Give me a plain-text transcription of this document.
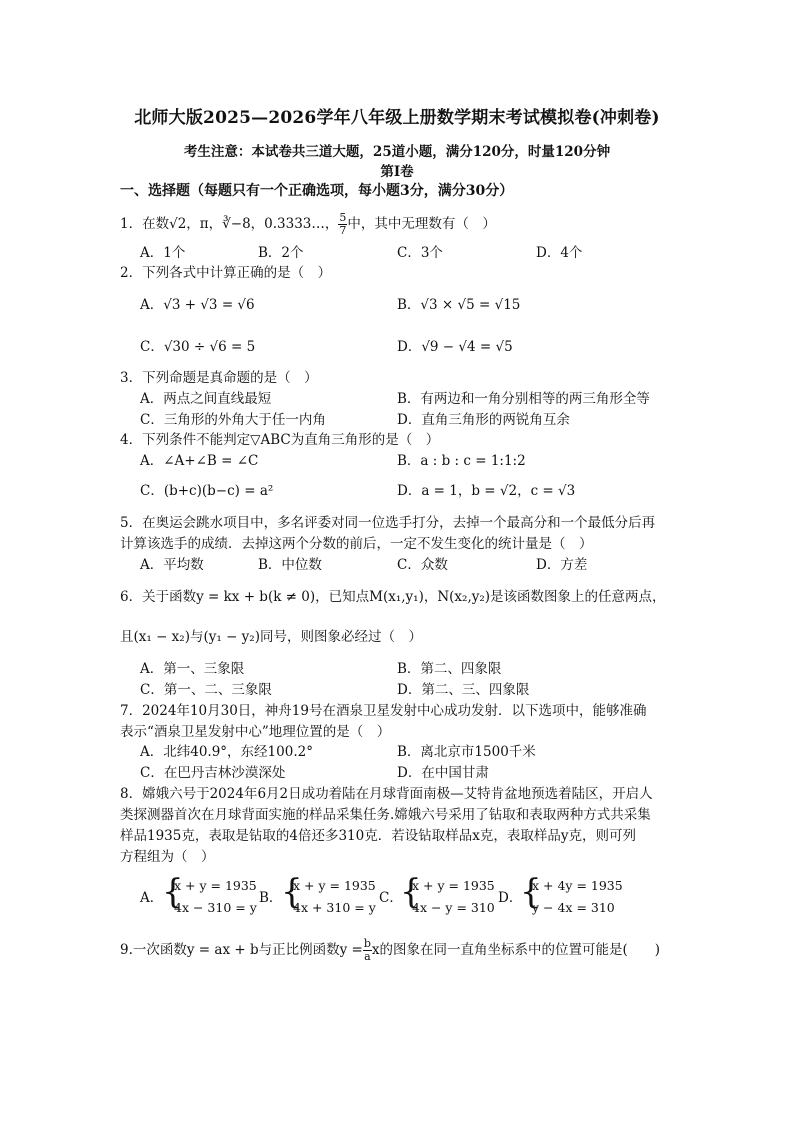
北师大版2025—2026学年八年级上册数学期末考试模拟卷(冲刺卷)
考生注意：本试卷共三道大题，25道小题，满分120分，时量120分钟
第Ⅰ卷
一、选择题（每题只有一个正确选项，每小题3分，满分30分）
1．在数√2，π，∛−8，0.3333…， $\frac{5}{7}$ 中，其中无理数有（　）
A．1个	B．2个	C．3个	D．4个
2．下列各式中计算正确的是（　）
A．√3 + √3 = √6	B．√3 × √5 = √15
C．√30 ÷ √6 = 5	D．√9 − √4 = √5
3．下列命题是真命题的是（　）
A．两点之间直线最短	B．有两边和一角分别相等的两三角形全等
C．三角形的外角大于任一内角	D．直角三角形的两锐角互余
4．下列条件不能判定▽ABC为直角三角形的是（　）
A．∠A+∠B = ∠C	B．a : b : c = 1:1:2
C．(b+c)(b−c) = a²	D．a = 1，b = √2，c = √3
5．在奥运会跳水项目中，多名评委对同一位选手打分，去掉一个最高分和一个最低分后再
计算该选手的成绩．去掉这两个分数的前后，一定不发生变化的统计量是（　）
A．平均数	B．中位数	C．众数	D．方差
6．关于函数y = kx + b(k ≠ 0)，已知点M(x₁,y₁)，N(x₂,y₂)是该函数图象上的任意两点，
且(x₁ − x₂)与(y₁ − y₂)同号，则图象必经过（　）
A．第一、三象限	B．第二、四象限
C．第一、二、三象限	D．第二、三、四象限
7．2024年10月30日，神舟19号在酒泉卫星发射中心成功发射．以下选项中，能够准确
表示“酒泉卫星发射中心”地理位置的是（　）
A．北纬40.9°，东经100.2°	B．离北京市1500千米
C．在巴丹吉林沙漠深处	D．在中国甘肃
8．嫦娥六号于2024年6月2日成功着陆在月球背面南极—艾特肯盆地预选着陆区，开启人
类探测器首次在月球背面实施的样品采集任务.嫦娥六号采用了钻取和表取两种方式共采集
样品1935克，表取是钻取的4倍还多310克．若设钻取样品x克，表取样品y克，则可列
方程组为（　）
A．
{
x + y = 1935
4x − 310 = y
B．
{
x + y = 1935
4x + 310 = y
C．
{
x + y = 1935
4x − y = 310
D．
{
x + 4y = 1935
y − 4x = 310
9.一次函数y = ax + b与正比例函数$y = \frac{b}{a}$ x的图象在同一直角坐标系中的位置可能是(　　)
